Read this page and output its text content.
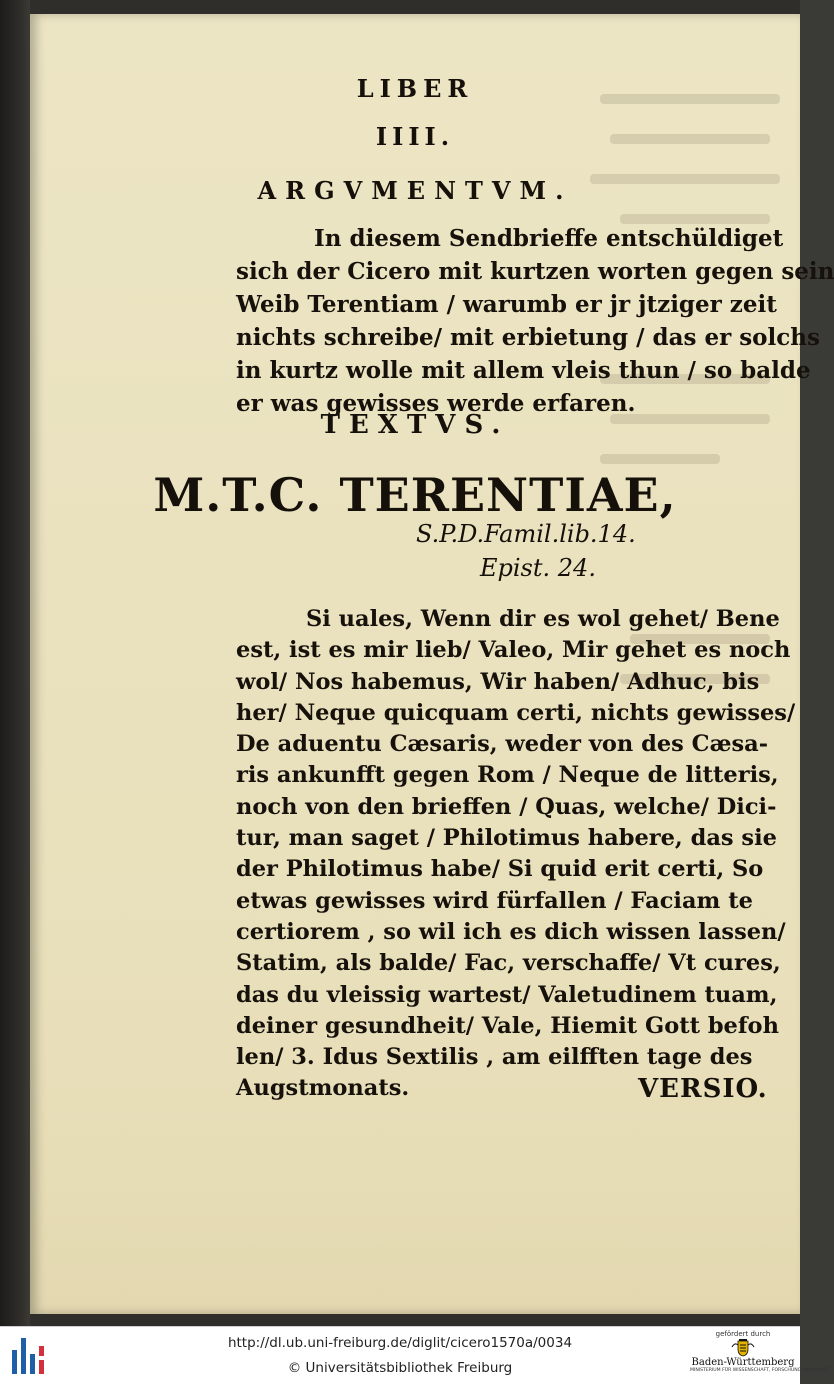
LIBER
IIII.
ARGVMENTVM.

In diesem Sendbrieffe entschüldiget

sich der Cicero mit kurtzen worten gegen sein

Weib Terentiam / warumb er jr jtziger zeit

nichts schreibe/ mit erbietung / das er solchs

in kurtz wolle mit allem vleis thun / so balde

er was gewisses werde erfaren.

TEXTVS.
M.T.C. TERENTIAE,
S.P.D.Famil.lib.14.
Epist. 24.

Si uales, Wenn dir es wol gehet/ Bene

est, ist es mir lieb/ Valeo, Mir gehet es noch

wol/ Nos habemus, Wir haben/ Adhuc, bis

her/ Neque quicquam certi, nichts gewisses/

De aduentu Cæsaris, weder von des Cæsa-

ris ankunfft gegen Rom / Neque de litteris,

noch von den brieffen / Quas, welche/ Dici-

tur, man saget / Philotimus habere, das sie

der Philotimus habe/ Si quid erit certi, So

etwas gewisses wird fürfallen / Faciam te

certiorem , so wil ich es dich wissen lassen/

Statim, als balde/ Fac, verschaffe/ Vt cures,

das du vleissig wartest/ Valetudinem tuam,

deiner gesundheit/ Vale, Hiemit Gott befoh

len/ 3. Idus Sextilis , am eilfften tage des

Augstmonats.	VERSIO.
http://dl.ub.uni-freiburg.de/diglit/cicero1570a/0034
© Universitätsbibliothek Freiburg
gefördert durch
Baden-Württemberg
MINISTERIUM FÜR WISSENSCHAFT, FORSCHUNG UND KUNST
